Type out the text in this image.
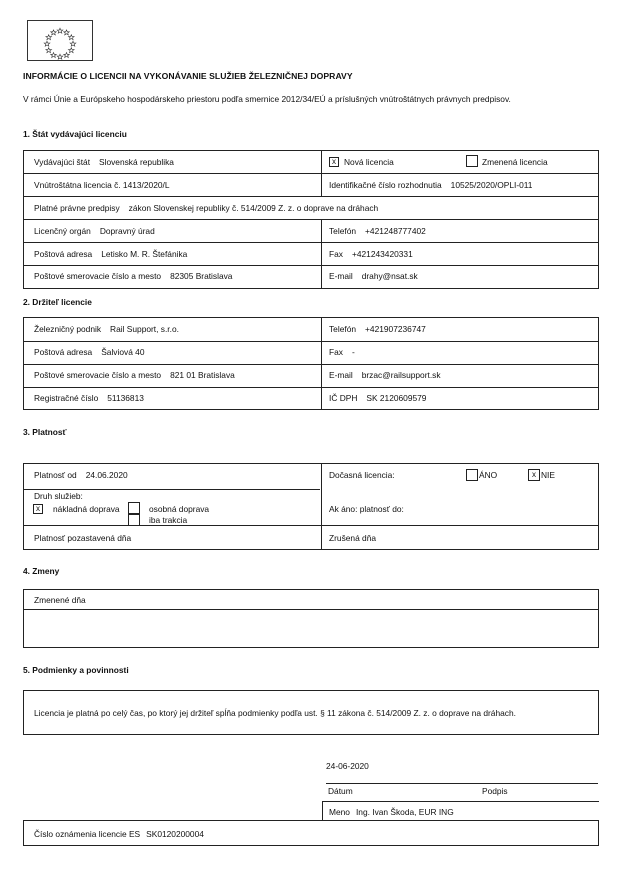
INFORMÁCIE O LICENCII NA VYKONÁVANIE SLUŽIEB ŽELEZNIČNEJ DOPRAVY
V rámci Únie a Európskeho hospodárskeho priestoru podľa smernice 2012/34/EÚ a príslušných vnútroštátnych právnych predpisov.
1. Štát vydávajúci licenciu
Vydávajúci štát Slovenská republika	x Nová licencia	Zmenená licencia
Vnútroštátna licencia č. 1413/2020/L	Identifikačné číslo rozhodnutia 10525/2020/OPLI-011
Platné právne predpisy zákon Slovenskej republiky č. 514/2009 Z. z. o doprave na dráhach
Licenčný orgán Dopravný úrad	Telefón +421248777402
Poštová adresa Letisko M. R. Štefánika	Fax +421243420331
Poštové smerovacie číslo a mesto 82305 Bratislava	E-mail drahy@nsat.sk
2. Držiteľ licencie
Železničný podnik Rail Support, s.r.o.	Telefón +421907236747
Poštová adresa Šalviová 40	Fax -
Poštové smerovacie číslo a mesto 821 01 Bratislava	E-mail brzac@railsupport.sk
Registračné číslo 51136813	IČ DPH SK 2120609579
3. Platnosť
Platnosť od 24.06.2020
Druh služieb:
x	nákladná doprava	osobná doprava
iba trakcia
Dočasná licencia:	ÁNO	x NIE
Ak áno: platnosť do:
Platnosť pozastavená dňa	Zrušená dňa
4. Zmeny
Zmenené dňa
5. Podmienky a povinnosti
Licencia je platná po celý čas, po ktorý jej držiteľ spĺňa podmienky podľa ust. § 11 zákona č. 514/2009 Z. z. o doprave na dráhach.
24-06-2020
Dátum	Podpis
Meno Ing. Ivan Škoda, EUR ING
Číslo oznámenia licencie ES SK0120200004
